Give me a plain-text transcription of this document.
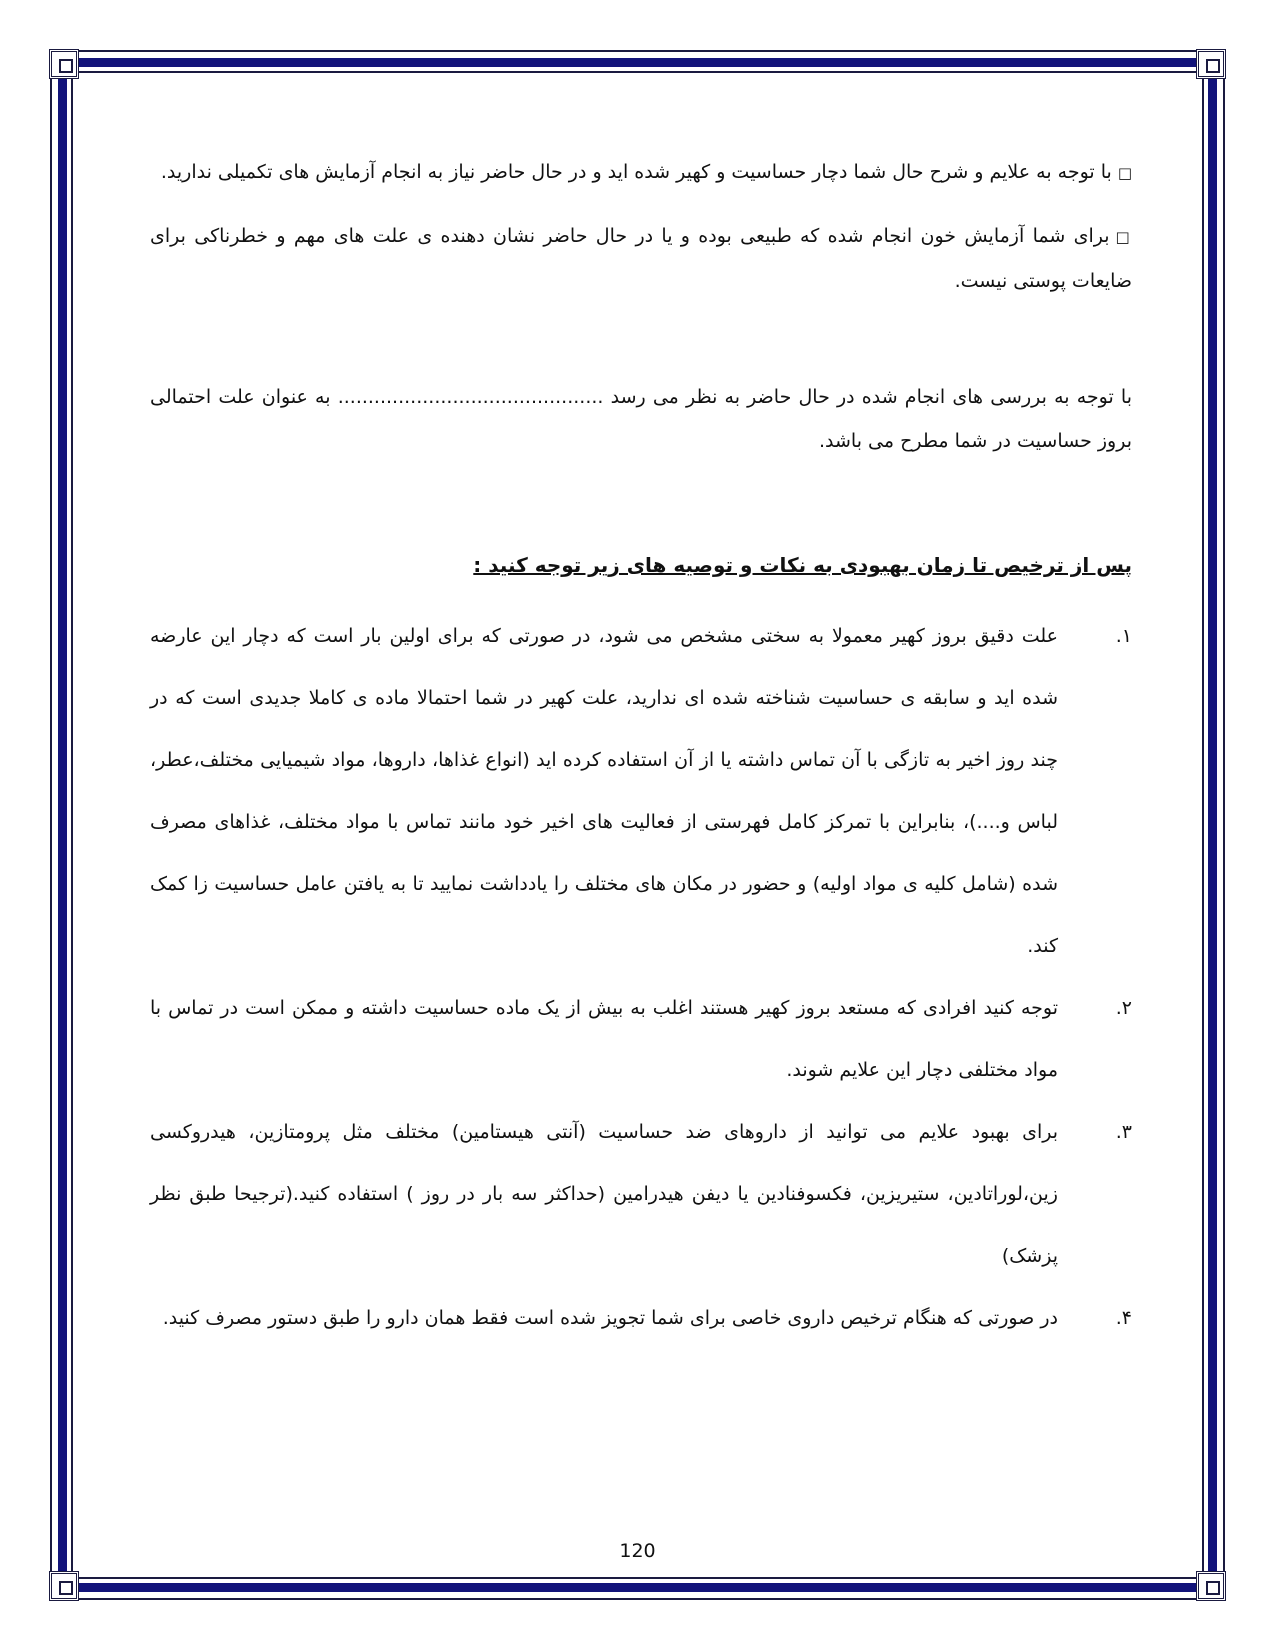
□با توجه به علایم و شرح حال شما دچار حساسیت و کهیر شده اید و در حال حاضر نیاز به انجام آزمایش های تکمیلی ندارید.

□برای شما آزمایش خون انجام شده که طبیعی بوده و یا در حال حاضر نشان دهنده ی علت های مهم و خطرناکی برای ضایعات پوستی نیست.

با توجه به بررسی های انجام شده در حال حاضر به نظر می رسد ............................................ به عنوان علت احتمالی بروز حساسیت در شما مطرح می باشد.

پس از ترخیص تا زمان بهبودی به نکات و توصیه های زیر توجه کنید :

۱.
علت دقیق بروز کهیر معمولا به سختی مشخص می شود، در صورتی که برای اولین بار است که دچار این عارضه شده اید و سابقه ی حساسیت شناخته شده ای ندارید، علت کهیر در شما احتمالا ماده ی کاملا جدیدی است که در چند روز اخیر به تازگی با آن تماس داشته یا از آن استفاده کرده اید (انواع غذاها، داروها، مواد شیمیایی مختلف،عطر، لباس و....)، بنابراین با تمرکز کامل فهرستی از فعالیت های اخیر خود مانند تماس با مواد مختلف، غذاهای مصرف شده (شامل کلیه ی مواد اولیه) و حضور در مکان های مختلف را یادداشت نمایید تا به یافتن عامل حساسیت زا کمک کند.
۲.
توجه کنید افرادی که مستعد بروز کهیر هستند اغلب به بیش از یک ماده حساسیت داشته و ممکن است در تماس با مواد مختلفی دچار این علایم شوند.
۳.
برای بهبود علایم می توانید از داروهای ضد حساسیت (آنتی هیستامین) مختلف مثل پرومتازین، هیدروکسی زین،لوراتادین، ستیریزین، فکسوفنادین یا دیفن هیدرامین (حداکثر سه بار در روز ) استفاده کنید.(ترجیحا طبق نظر پزشک)
۴.
در صورتی که هنگام ترخیص داروی خاصی برای شما تجویز شده است فقط همان دارو را طبق دستور مصرف کنید.
120
